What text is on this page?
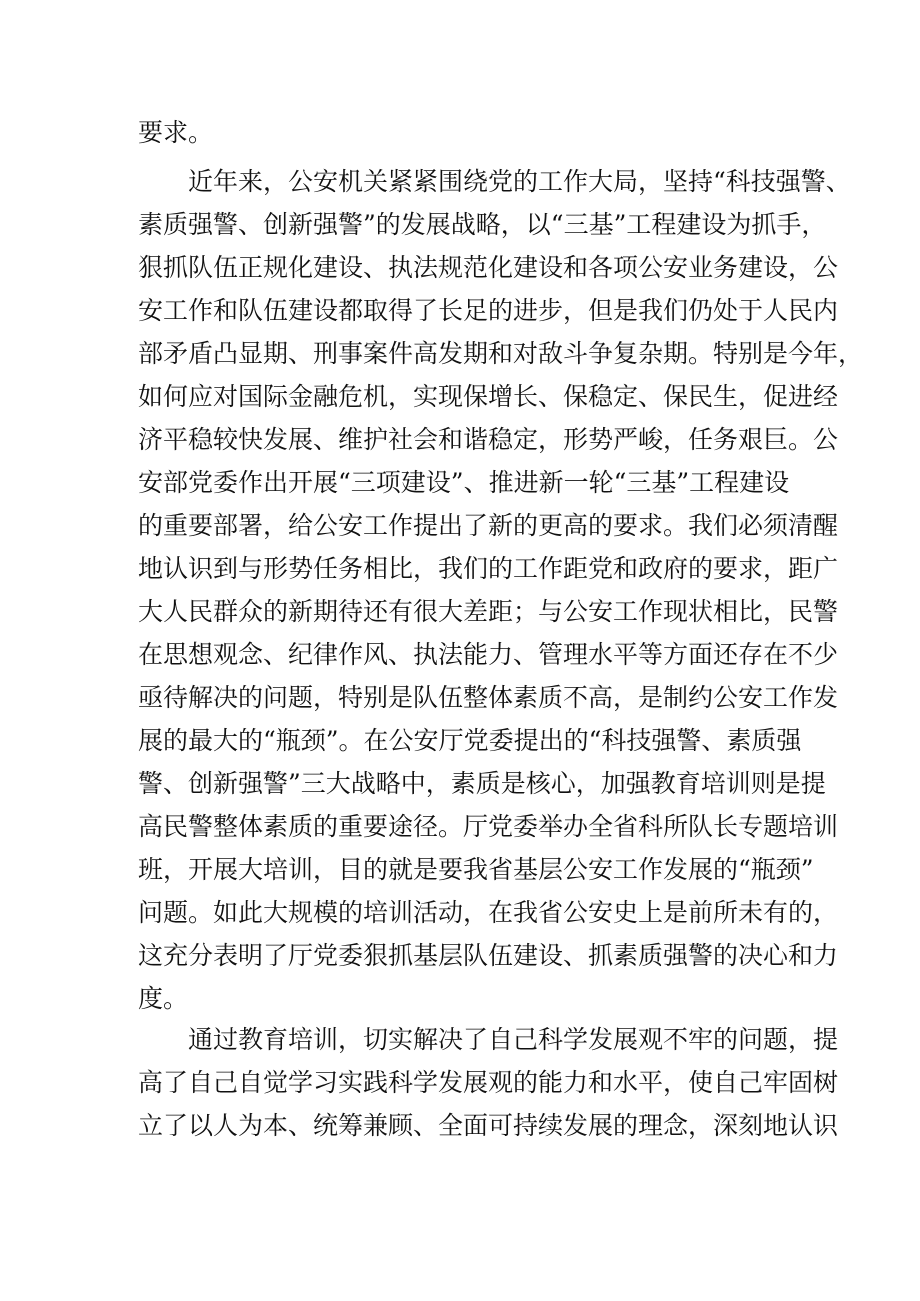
要求。
近年来，公安机关紧紧围绕党的工作大局，坚持“科技强警、
素质强警、创新强警”的发展战略，以“三基”工程建设为抓手，
狠抓队伍正规化建设、执法规范化建设和各项公安业务建设，公
安工作和队伍建设都取得了长足的进步，但是我们仍处于人民内
部矛盾凸显期、刑事案件高发期和对敌斗争复杂期。特别是今年，
如何应对国际金融危机，实现保增长、保稳定、保民生，促进经
济平稳较快发展、维护社会和谐稳定，形势严峻，任务艰巨。公
安部党委作出开展“三项建设”、推进新一轮“三基”工程建设
的重要部署，给公安工作提出了新的更高的要求。我们必须清醒
地认识到与形势任务相比，我们的工作距党和政府的要求，距广
大人民群众的新期待还有很大差距；与公安工作现状相比，民警
在思想观念、纪律作风、执法能力、管理水平等方面还存在不少
亟待解决的问题，特别是队伍整体素质不高，是制约公安工作发
展的最大的“瓶颈”。在公安厅党委提出的“科技强警、素质强
警、创新强警”三大战略中，素质是核心，加强教育培训则是提
高民警整体素质的重要途径。厅党委举办全省科所队长专题培训
班，开展大培训，目的就是要我省基层公安工作发展的“瓶颈”
问题。如此大规模的培训活动，在我省公安史上是前所未有的，
这充分表明了厅党委狠抓基层队伍建设、抓素质强警的决心和力
度。
通过教育培训，切实解决了自己科学发展观不牢的问题，提
高了自己自觉学习实践科学发展观的能力和水平，使自己牢固树
立了以人为本、统筹兼顾、全面可持续发展的理念，深刻地认识
